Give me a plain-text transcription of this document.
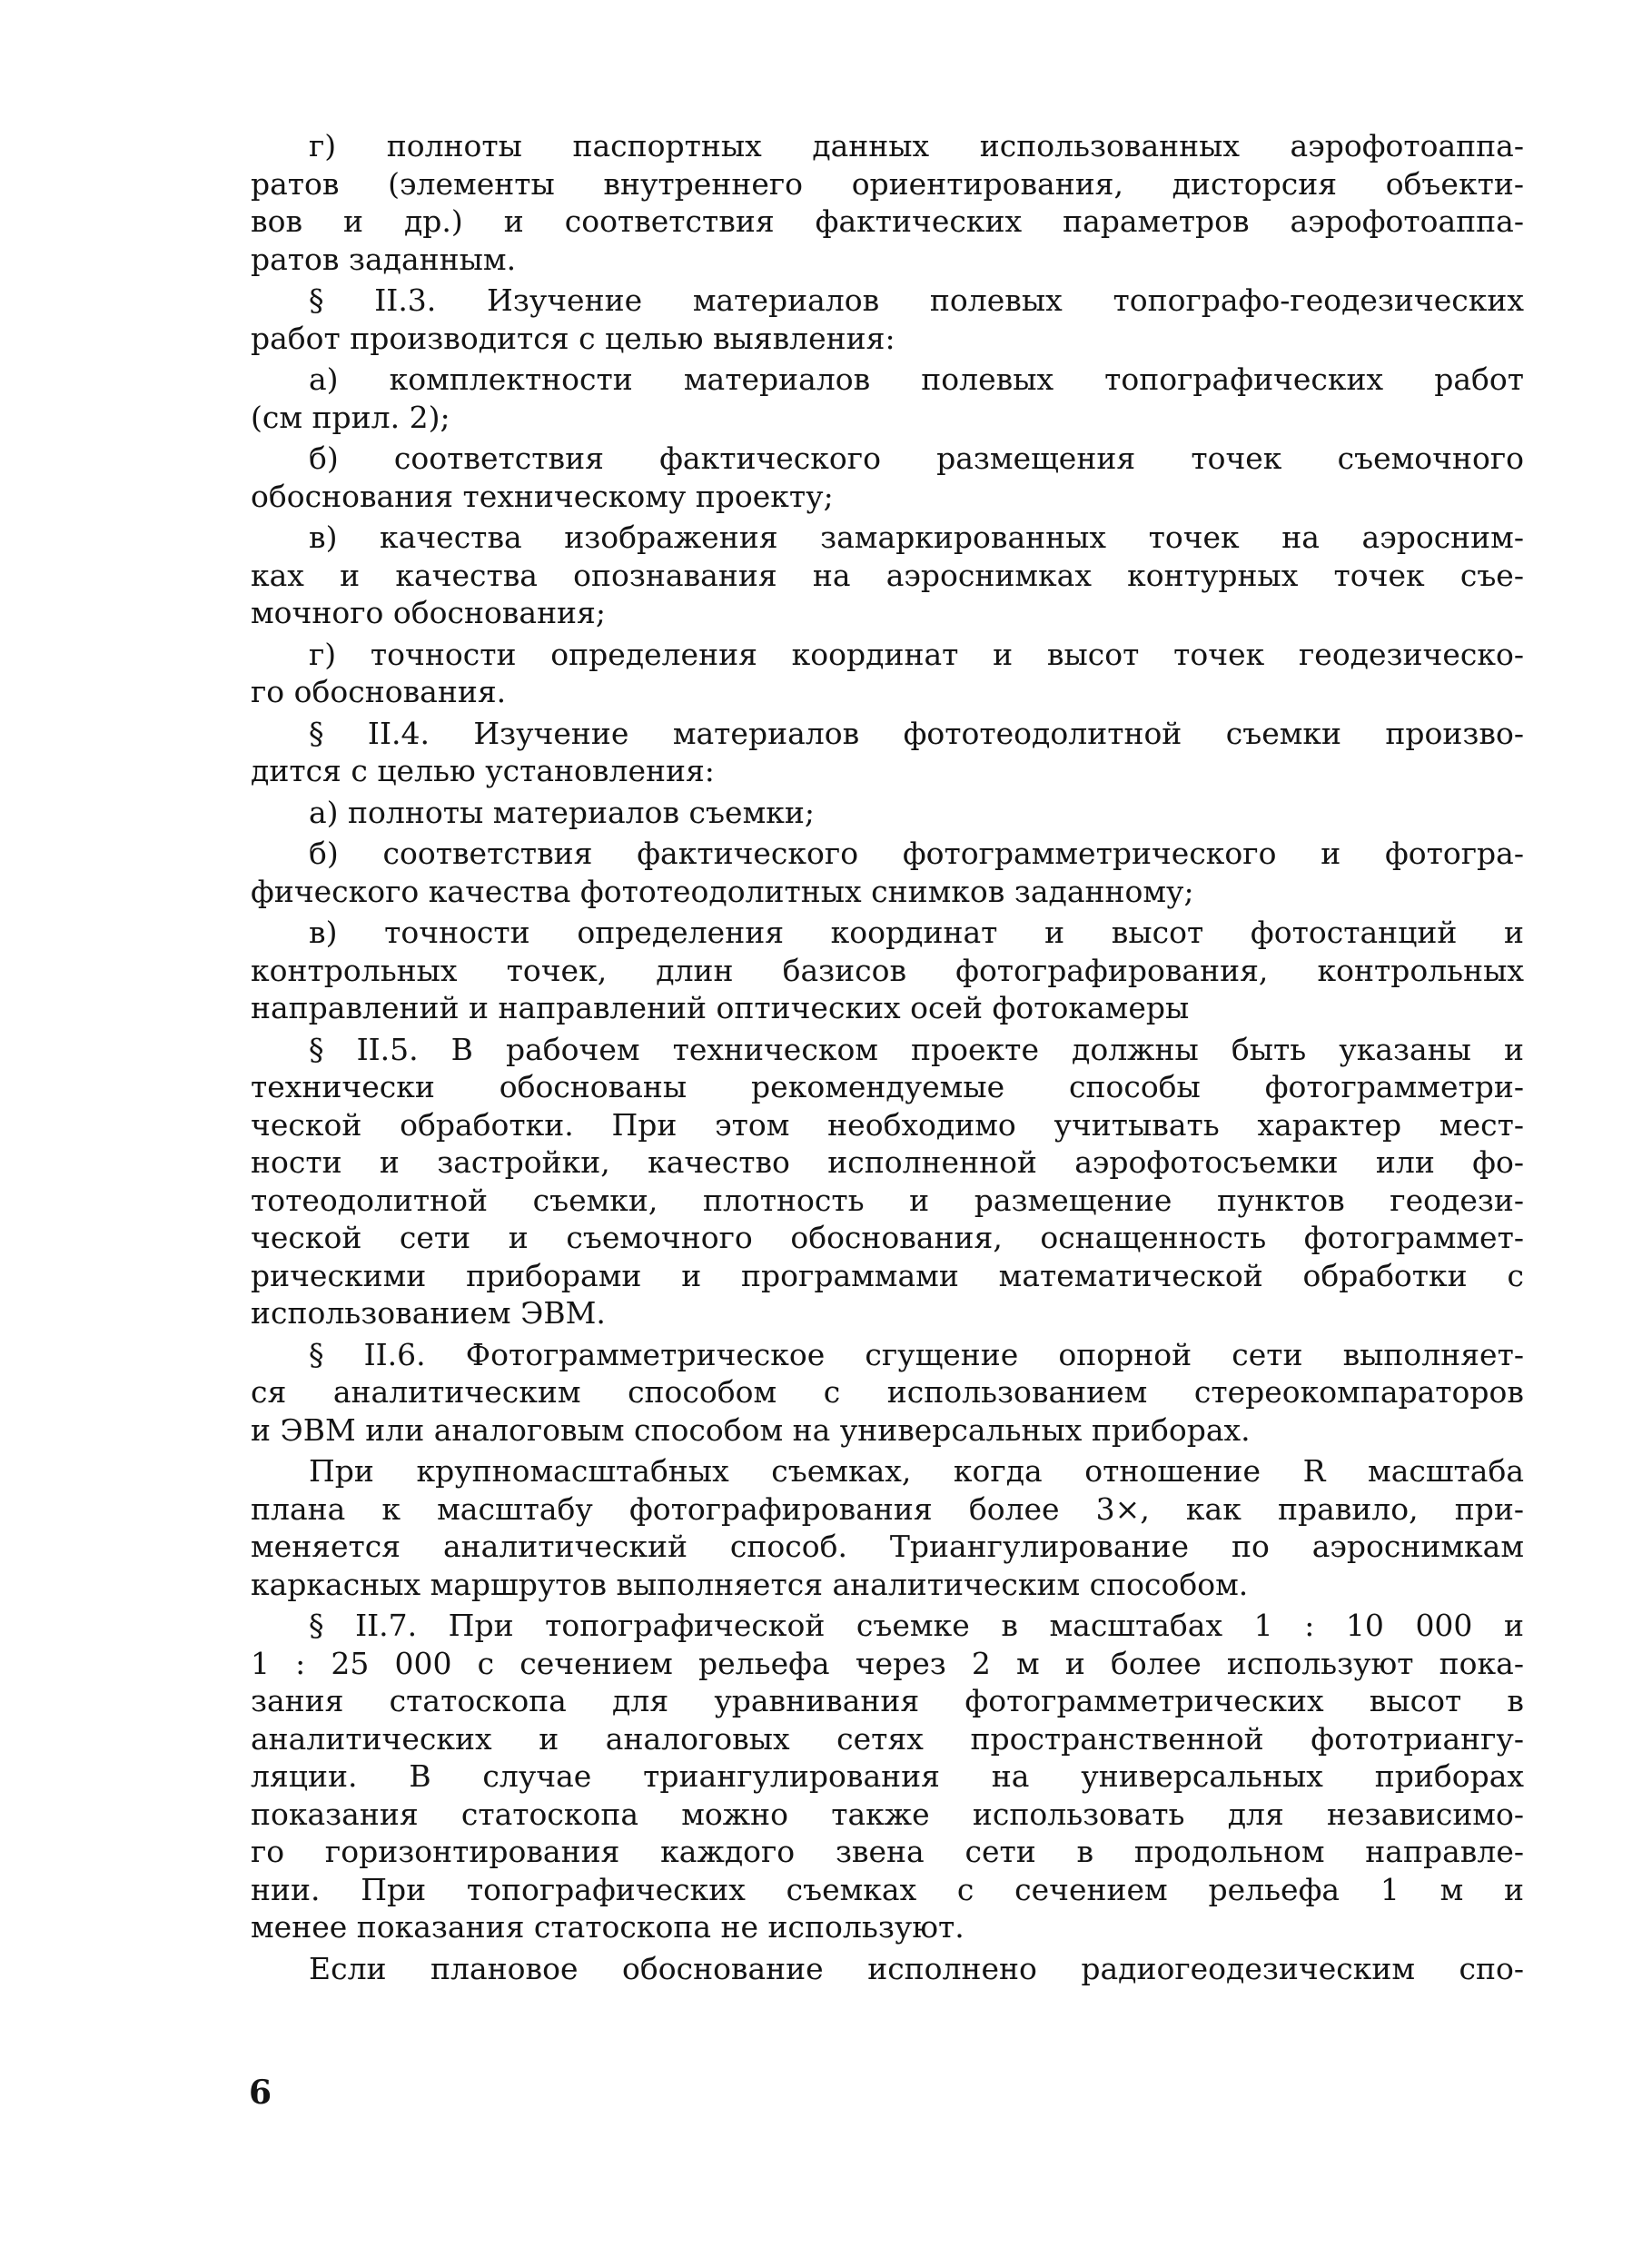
г) полноты паспортных данных использованных аэрофотоаппа-
ратов (элементы внутреннего ориентирования, дисторсия объекти-
вов и др.) и соответствия фактических параметров аэрофотоаппа-
ратов заданным.
§ II.3. Изучение материалов полевых топографо-геодезических
работ производится с целью выявления:
а) комплектности материалов полевых топографических работ
(см прил. 2);
б) соответствия фактического размещения точек съемочного
обоснования техническому проекту;
в) качества изображения замаркированных точек на аэросним-
ках и качества опознавания на аэроснимках контурных точек съе-
мочного обоснования;
г) точности определения координат и высот точек геодезическо-
го обоснования.
§ II.4. Изучение материалов фототеодолитной съемки произво-
дится с целью установления:
а) полноты материалов съемки;
б) соответствия фактического фотограмметрического и фотогра-
фического качества фототеодолитных снимков заданному;
в) точности определения координат и высот фотостанций и
контрольных точек, длин базисов фотографирования, контрольных
направлений и направлений оптических осей фотокамеры
§ II.5. В рабочем техническом проекте должны быть указаны и
технически обоснованы рекомендуемые способы фотограмметри-
ческой обработки. При этом необходимо учитывать характер мест-
ности и застройки, качество исполненной аэрофотосъемки или фо-
тотеодолитной съемки, плотность и размещение пунктов геодези-
ческой сети и съемочного обоснования, оснащенность фотограммет-
рическими приборами и программами математической обработки с
использованием ЭВМ.
§ II.6. Фотограмметрическое сгущение опорной сети выполняет-
ся аналитическим способом с использованием стереокомпараторов
и ЭВМ или аналоговым способом на универсальных приборах.
При крупномасштабных съемках, когда отношение R масштаба
плана к масштабу фотографирования более 3×, как правило, при-
меняется аналитический способ. Триангулирование по аэроснимкам
каркасных маршрутов выполняется аналитическим способом.
§ II.7. При топографической съемке в масштабах 1 : 10 000 и
1 : 25 000 с сечением рельефа через 2 м и более используют пока-
зания статоскопа для уравнивания фотограмметрических высот в
аналитических и аналоговых сетях пространственной фототриангу-
ляции. В случае триангулирования на универсальных приборах
показания статоскопа можно также использовать для независимо-
го горизонтирования каждого звена сети в продольном направле-
нии. При топографических съемках с сечением рельефа 1 м и
менее показания статоскопа не используют.
Если плановое обоснование исполнено радиогеодезическим спо-
6
